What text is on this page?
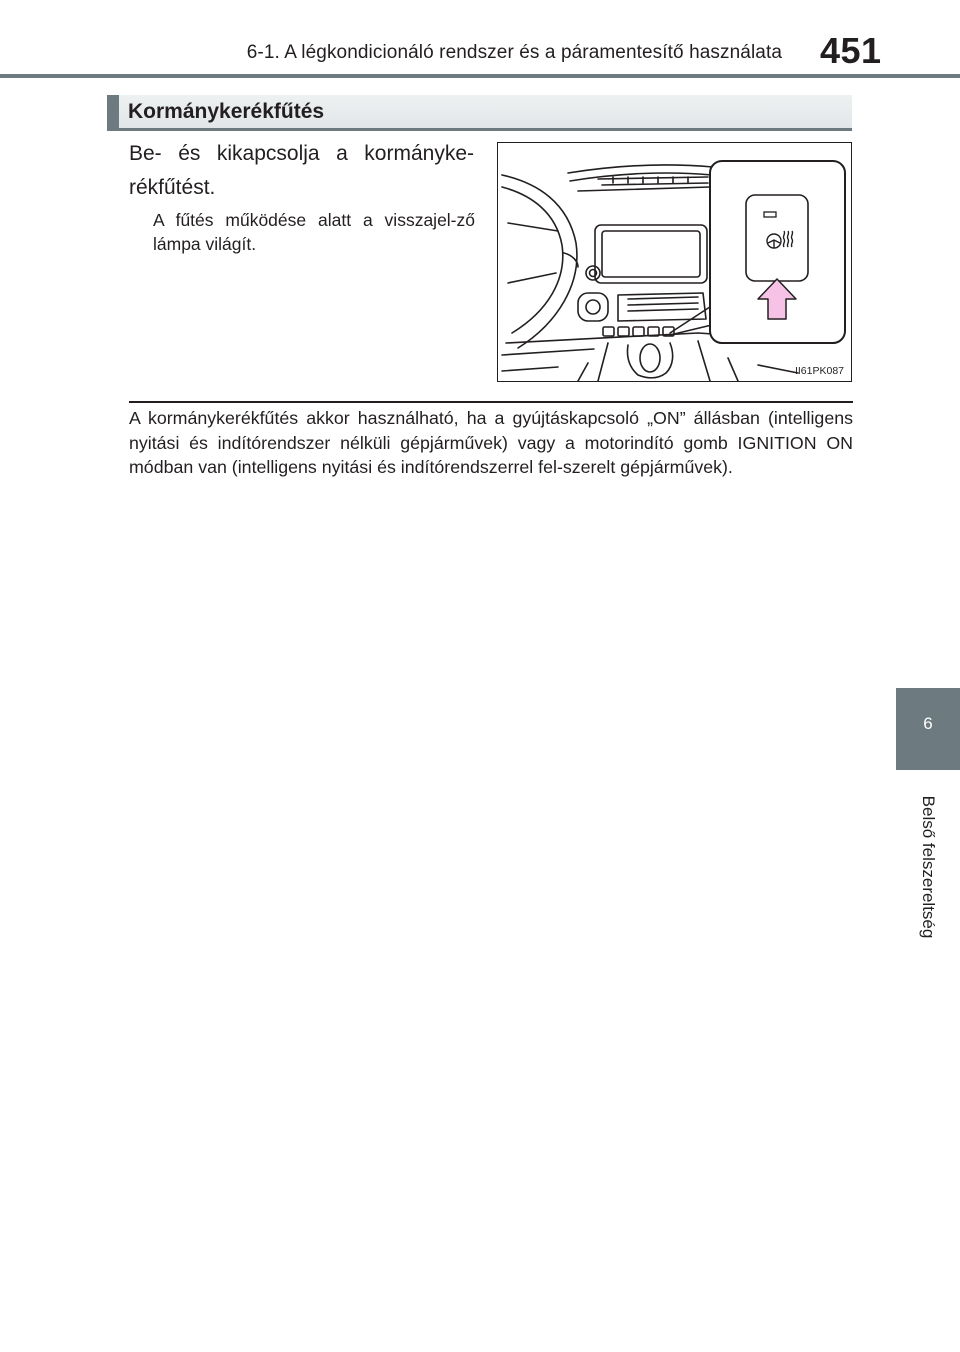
6-1. A légkondicionáló rendszer és a páramentesítő használata 451
Kormánykerékfűtés
Be- és kikapcsolja a kormányke-rékfűtést.
A fűtés működése alatt a visszajel-ző lámpa világít.
II61PK087
A kormánykerékfűtés akkor használható, ha a gyújtáskapcsoló „ON” állásban (intelligens nyitási és indítórendszer nélküli gépjárművek) vagy a motorindító gomb IGNITION ON módban van (intelligens nyitási és indítórendszerrel fel-szerelt gépjárművek).
6
Belső felszereltség
